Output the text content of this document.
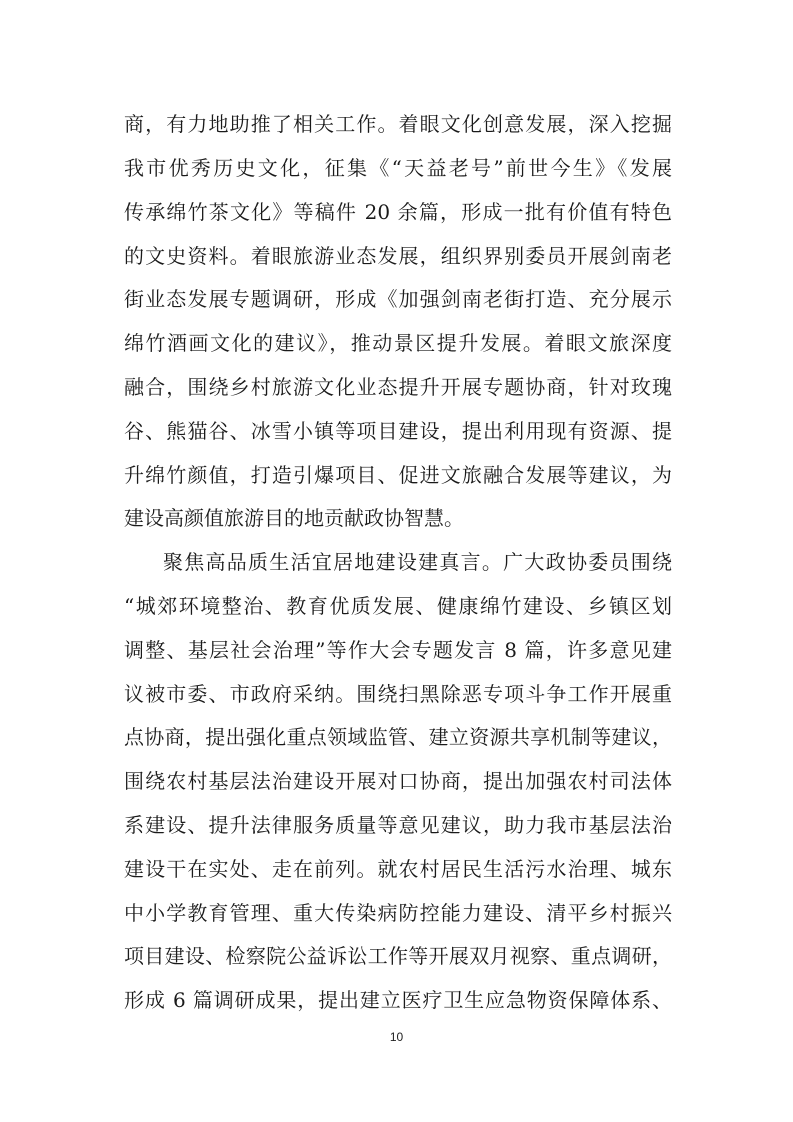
商，有力地助推了相关工作。着眼文化创意发展，深入挖掘
我市优秀历史文化，征集《“天益老号”前世今生》《发展
传承绵竹茶文化》等稿件 20 余篇，形成一批有价值有特色
的文史资料。着眼旅游业态发展，组织界别委员开展剑南老
街业态发展专题调研，形成《加强剑南老街打造、充分展示
绵竹酒画文化的建议》，推动景区提升发展。着眼文旅深度
融合，围绕乡村旅游文化业态提升开展专题协商，针对玫瑰
谷、熊猫谷、冰雪小镇等项目建设，提出利用现有资源、提
升绵竹颜值，打造引爆项目、促进文旅融合发展等建议，为
建设高颜值旅游目的地贡献政协智慧。
聚焦高品质生活宜居地建设建真言。广大政协委员围绕
“城郊环境整治、教育优质发展、健康绵竹建设、乡镇区划
调整、基层社会治理”等作大会专题发言 8 篇，许多意见建
议被市委、市政府采纳。围绕扫黑除恶专项斗争工作开展重
点协商，提出强化重点领域监管、建立资源共享机制等建议，
围绕农村基层法治建设开展对口协商，提出加强农村司法体
系建设、提升法律服务质量等意见建议，助力我市基层法治
建设干在实处、走在前列。就农村居民生活污水治理、城东
中小学教育管理、重大传染病防控能力建设、清平乡村振兴
项目建设、检察院公益诉讼工作等开展双月视察、重点调研，
形成 6 篇调研成果，提出建立医疗卫生应急物资保障体系、
10
